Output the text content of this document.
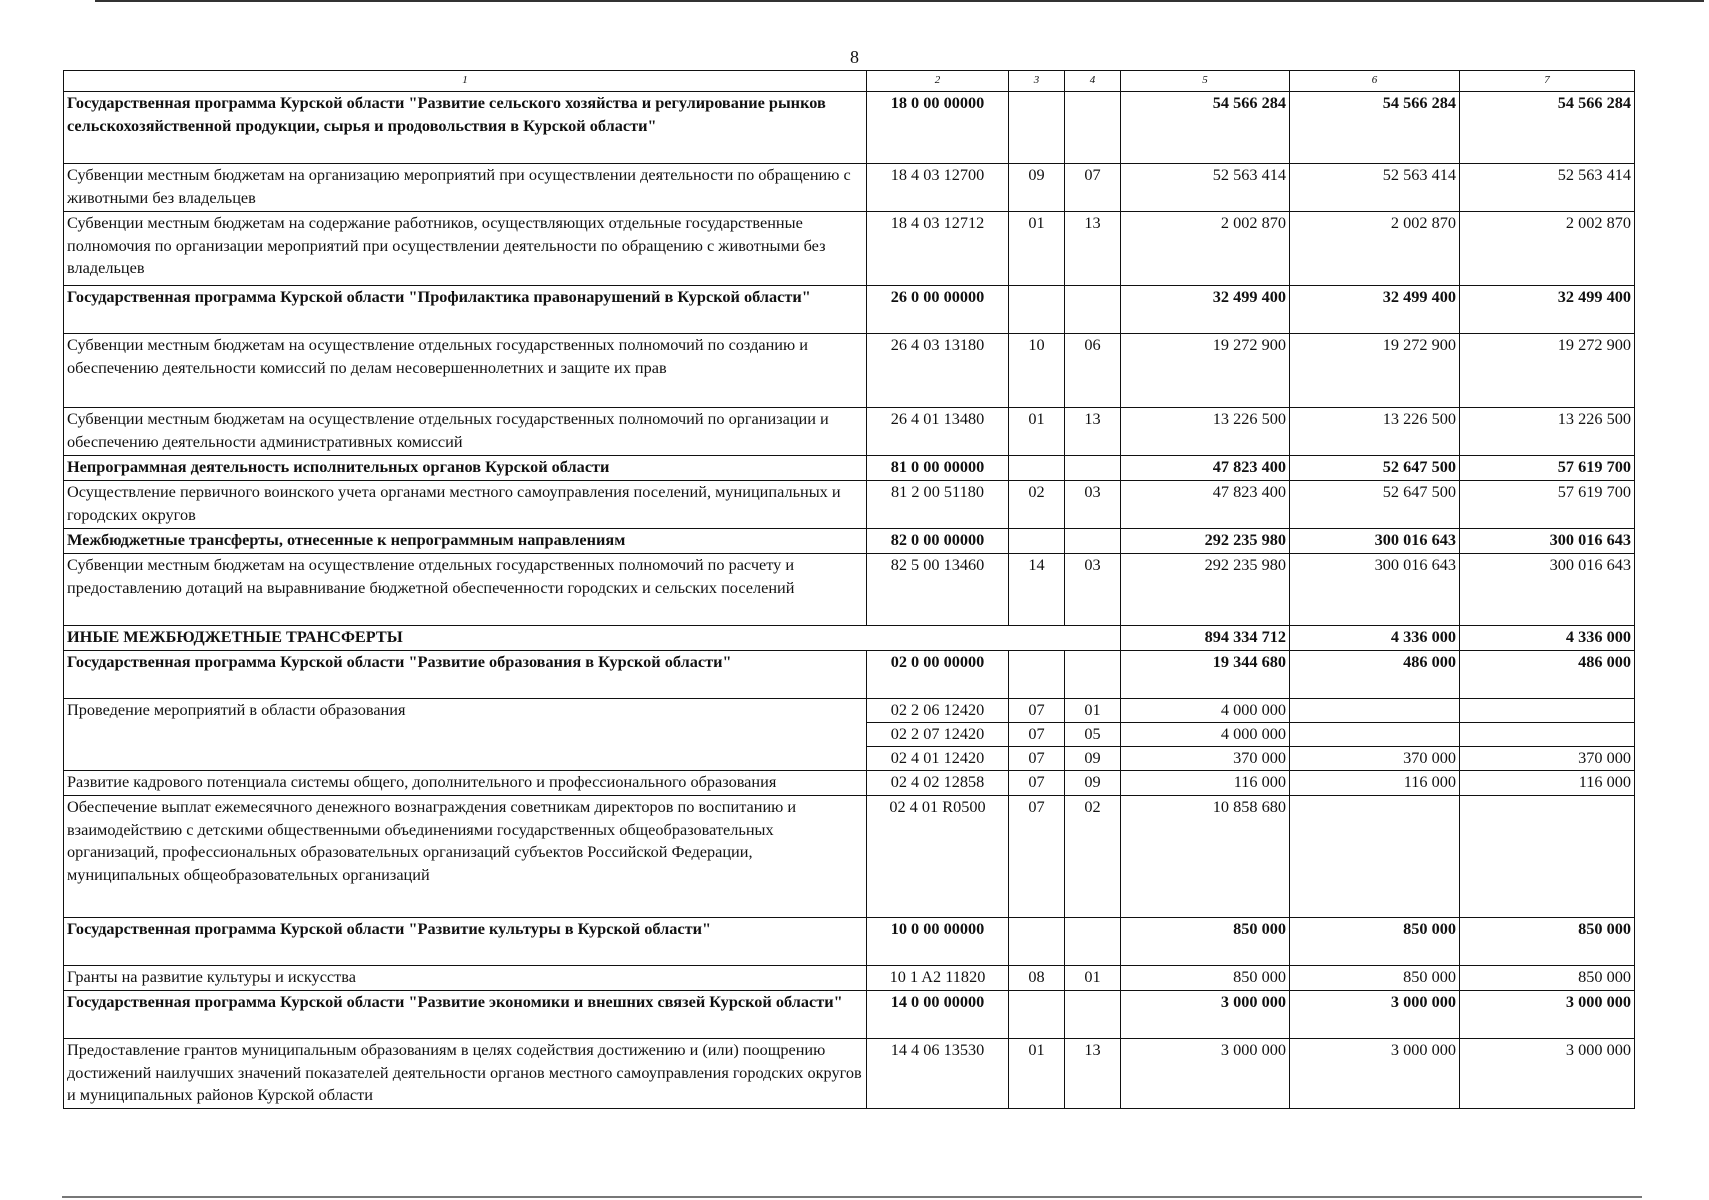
8
1	2	3	4	5	6	7
Государственная программа Курской области "Развитие сельского хозяйства и регулирование рынков сельскохозяйственной продукции, сырья и продовольствия в Курской области"	18 0 00 00000			54 566 284	54 566 284	54 566 284
Субвенции местным бюджетам на организацию мероприятий при осуществлении деятельности по обращению с животными без владельцев	18 4 03 12700	09	07	52 563 414	52 563 414	52 563 414
Субвенции местным бюджетам на содержание работников, осуществляющих отдельные государственные полномочия по организации мероприятий при осуществлении деятельности по обращению с животными без владельцев	18 4 03 12712	01	13	2 002 870	2 002 870	2 002 870
Государственная программа Курской области "Профилактика правонарушений в Курской области"	26 0 00 00000			32 499 400	32 499 400	32 499 400
Субвенции местным бюджетам на осуществление отдельных государственных полномочий по созданию и обеспечению деятельности комиссий по делам несовершеннолетних и защите их прав	26 4 03 13180	10	06	19 272 900	19 272 900	19 272 900
Субвенции местным бюджетам на осуществление отдельных государственных полномочий по организации и обеспечению деятельности административных комиссий	26 4 01 13480	01	13	13 226 500	13 226 500	13 226 500
Непрограммная деятельность исполнительных органов Курской области	81 0 00 00000			47 823 400	52 647 500	57 619 700
Осуществление первичного воинского учета органами местного самоуправления поселений, муниципальных и городских округов	81 2 00 51180	02	03	47 823 400	52 647 500	57 619 700
Межбюджетные трансферты, отнесенные к непрограммным направлениям	82 0 00 00000			292 235 980	300 016 643	300 016 643
Субвенции местным бюджетам на осуществление отдельных государственных полномочий по расчету и предоставлению дотаций на выравнивание бюджетной обеспеченности городских и сельских поселений	82 5 00 13460	14	03	292 235 980	300 016 643	300 016 643
ИНЫЕ МЕЖБЮДЖЕТНЫЕ ТРАНСФЕРТЫ				894 334 712	4 336 000	4 336 000
Государственная программа Курской области "Развитие образования в Курской области"	02 0 00 00000			19 344 680	486 000	486 000
Проведение мероприятий в области образования	02 2 06 12420	07	01	4 000 000		
	02 2 07 12420	07	05	4 000 000		
	02 4 01 12420	07	09	370 000	370 000	370 000
Развитие кадрового потенциала системы общего, дополнительного и профессионального образования	02 4 02 12858	07	09	116 000	116 000	116 000
Обеспечение выплат ежемесячного денежного вознаграждения советникам директоров по воспитанию и взаимодействию с детскими общественными объединениями государственных общеобразовательных организаций, профессиональных образовательных организаций субъектов Российской Федерации, муниципальных общеобразовательных организаций	02 4 01 R0500	07	02	10 858 680		
Государственная программа Курской области "Развитие культуры в Курской области"	10 0 00 00000			850 000	850 000	850 000
Гранты на развитие культуры и искусства	10 1 A2 11820	08	01	850 000	850 000	850 000
Государственная программа Курской области "Развитие экономики и внешних связей Курской области"	14 0 00 00000			3 000 000	3 000 000	3 000 000
Предоставление грантов муниципальным образованиям в целях содействия достижению и (или) поощрению достижений наилучших значений показателей деятельности органов местного самоуправления городских округов и муниципальных районов Курской области	14 4 06 13530	01	13	3 000 000	3 000 000	3 000 000
